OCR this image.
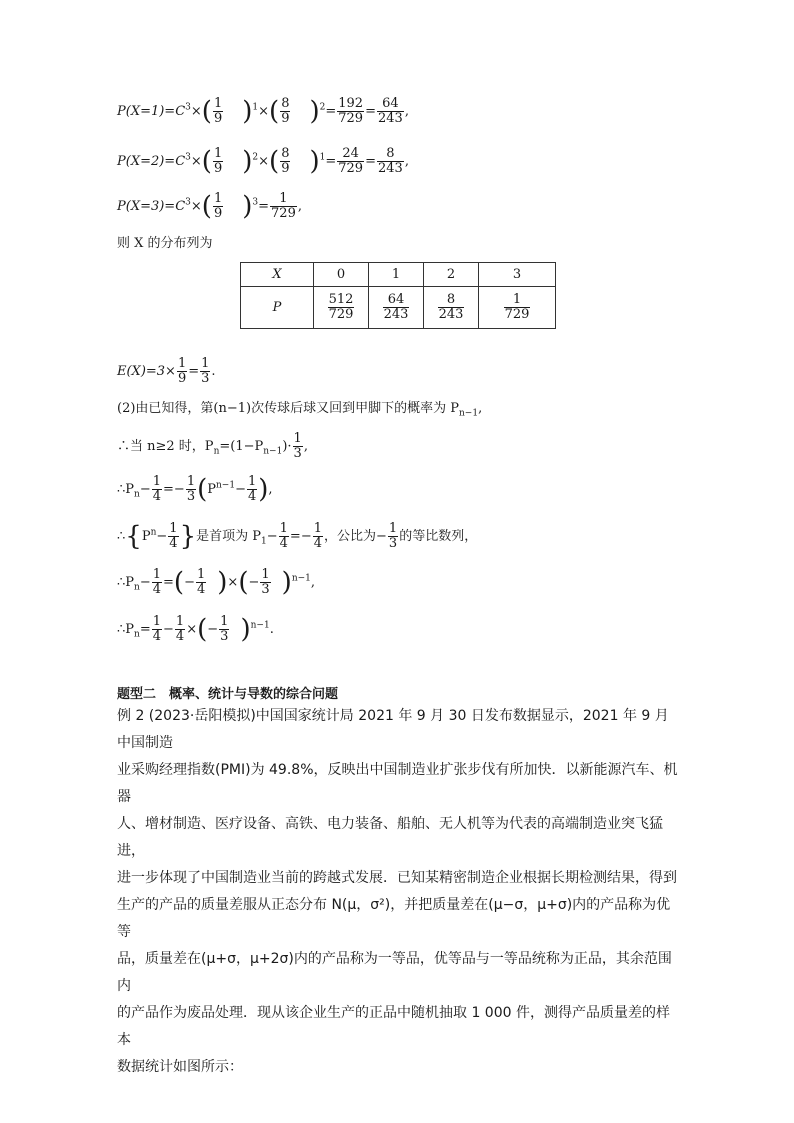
$P(X=1)=C^3\times( \frac{1}{9} )^1\times( \frac{8}{9} )^2= \frac{192}{729} = \frac{64}{243}$ ,
$P(X=2)=C^3\times( \frac{1}{9} )^2\times( \frac{8}{9} )^1= \frac{24}{729} = \frac{8}{243}$ ,
$P(X=3)=C^3\times( \frac{1}{9} )^3= \frac{1}{729}$ ,
则 X 的分布列为
X	0	1	2	3
P	$\frac{512}{729}$	$\frac{64}{243}$	$\frac{8}{243}$	$\frac{1}{729}$
$E(X)=3\times \frac{1}{9} = \frac{1}{3}$ .
(2)由已知得，第(n−1)次传球后球又回到甲脚下的概率为 $P_{n-1}$,
∴当 n≥2 时，$P_n=(1-P_{n-1})\cdot \frac{1}{3}$ ,
$\therefore P_n- \frac{1}{4} =- \frac{1}{3} (P^{n-1}- \frac{1}{4}$ ),
$\therefore\{P^n- \frac{1}{4}$ }是首项为 $P_1- \frac{1}{4} =- \frac{1}{4}$ ，公比为− $\frac{1}{3}$ 的等比数列，
$\therefore P_n- \frac{1}{4}$ =(− $\frac{1}{4}$ )×(− $\frac{1}{3} )^{n-1}$,
$\therefore P_n= \frac{1}{4} - \frac{1}{4}$ ×(− $\frac{1}{3} )^{n-1}$.
题型二　概率、统计与导数的综合问题
例 2 (2023·岳阳模拟)中国国家统计局 2021 年 9 月 30 日发布数据显示，2021 年 9 月中国制造
业采购经理指数(PMI)为 49.8%，反映出中国制造业扩张步伐有所加快．以新能源汽车、机器
人、增材制造、医疗设备、高铁、电力装备、船舶、无人机等为代表的高端制造业突飞猛进，
进一步体现了中国制造业当前的跨越式发展．已知某精密制造企业根据长期检测结果，得到
生产的产品的质量差服从正态分布 N(μ，σ²)，并把质量差在(μ−σ，μ+σ)内的产品称为优等
品，质量差在(μ+σ，μ+2σ)内的产品称为一等品，优等品与一等品统称为正品，其余范围内
的产品作为废品处理．现从该企业生产的正品中随机抽取 1 000 件，测得产品质量差的样本
数据统计如图所示：
